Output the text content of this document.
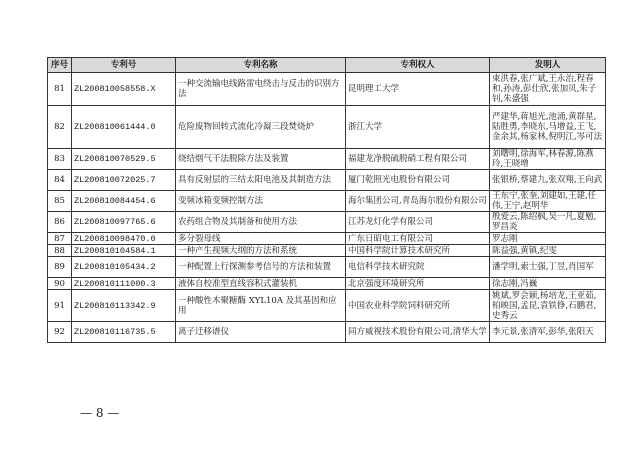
序号	专利号	专利名称	专利权人	发明人
81	ZL200810058558.X	一种交流输电线路雷电绕击与反击的识别方法	昆明理工大学	束洪春,张广斌,王永治,程春和,孙涛,彭仕欣,张加贝,朱子钊,朱盛强
82	ZL200810061444.0	危险废物回转式流化冷凝三段焚烧炉	浙江大学	严建华,蒋旭光,池涌,黄群星,陆胜勇,李晓东,马增益,王飞,金余其,杨家林,倪明江,岑可法
83	ZL200810070529.5	烧结烟气干法脱除方法及装置	福建龙净脱硫脱硝工程有限公司	刘曙明,徐海军,林春源,陈燕玲,王晓增
84	ZL200810072025.7	具有反射层的三结太阳电池及其制造方法	厦门乾照光电股份有限公司	张银桥,蔡建九,张双翔,王向武
85	ZL200810084454.6	变频冰箱变频控制方法	海尔集团公司,青岛海尔股份有限公司	王东宁,张奎,刘建如,王建,任伟,王宁,赵明华
86	ZL200810097765.6	农药组合物及其制备和使用方法	江苏龙灯化学有限公司	殷爱云,陈绍枫,吴一凡,夏勉,罗昌炎
87	ZL200810098470.0	多分裂母线	广东日昭电工有限公司	罗志刚
88	ZL200810104584.1	一种产生视频大纲的方法和系统	中国科学院计算技术研究所	陈益强,黄镇,纪雯
89	ZL200810105434.2	一种配置上行探测参考信号的方法和装置	电信科学技术研究院	潘学明,索士强,丁昱,肖国军
90	ZL200810111000.3	液体自校准型直线容积式灌装机	北京强度环境研究所	徐志刚,冯巍
91	ZL200810113342.9	一种酸性木聚糖酶 XYL10A 及其基因和应用	中国农业科学院饲料研究所	姚斌,罗会颖,杨培龙,王亚茹,柏映国,孟昆,袁铁铮,石鹏君,史秀云
92	ZL200810116735.5	离子迁移谱仪	同方威视技术股份有限公司,清华大学	李元景,张清军,彭华,张阳天
— 8 —
